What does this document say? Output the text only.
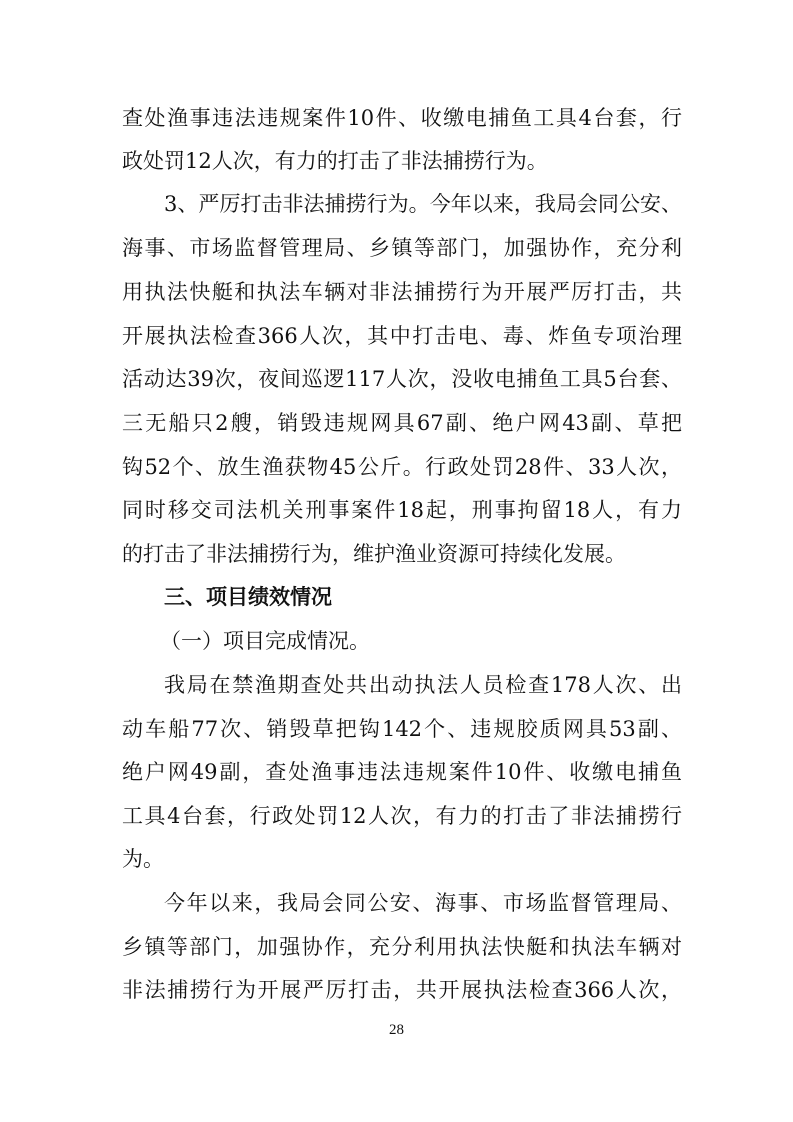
查处渔事违法违规案件10件、收缴电捕鱼工具4台套，行
政处罚12人次，有力的打击了非法捕捞行为。
3、严厉打击非法捕捞行为。今年以来，我局会同公安、
海事、市场监督管理局、乡镇等部门，加强协作，充分利
用执法快艇和执法车辆对非法捕捞行为开展严厉打击，共
开展执法检查366人次，其中打击电、毒、炸鱼专项治理
活动达39次，夜间巡逻117人次，没收电捕鱼工具5台套、
三无船只2艘，销毁违规网具67副、绝户网43副、草把
钩52个、放生渔获物45公斤。行政处罚28件、33人次，
同时移交司法机关刑事案件18起，刑事拘留18人，有力
的打击了非法捕捞行为，维护渔业资源可持续化发展。
三、项目绩效情况
（一）项目完成情况。
我局在禁渔期查处共出动执法人员检查178人次、出
动车船77次、销毁草把钩142个、违规胶质网具53副、
绝户网49副，查处渔事违法违规案件10件、收缴电捕鱼
工具4台套，行政处罚12人次，有力的打击了非法捕捞行
为。
今年以来，我局会同公安、海事、市场监督管理局、
乡镇等部门，加强协作，充分利用执法快艇和执法车辆对
非法捕捞行为开展严厉打击，共开展执法检查366人次，
28
